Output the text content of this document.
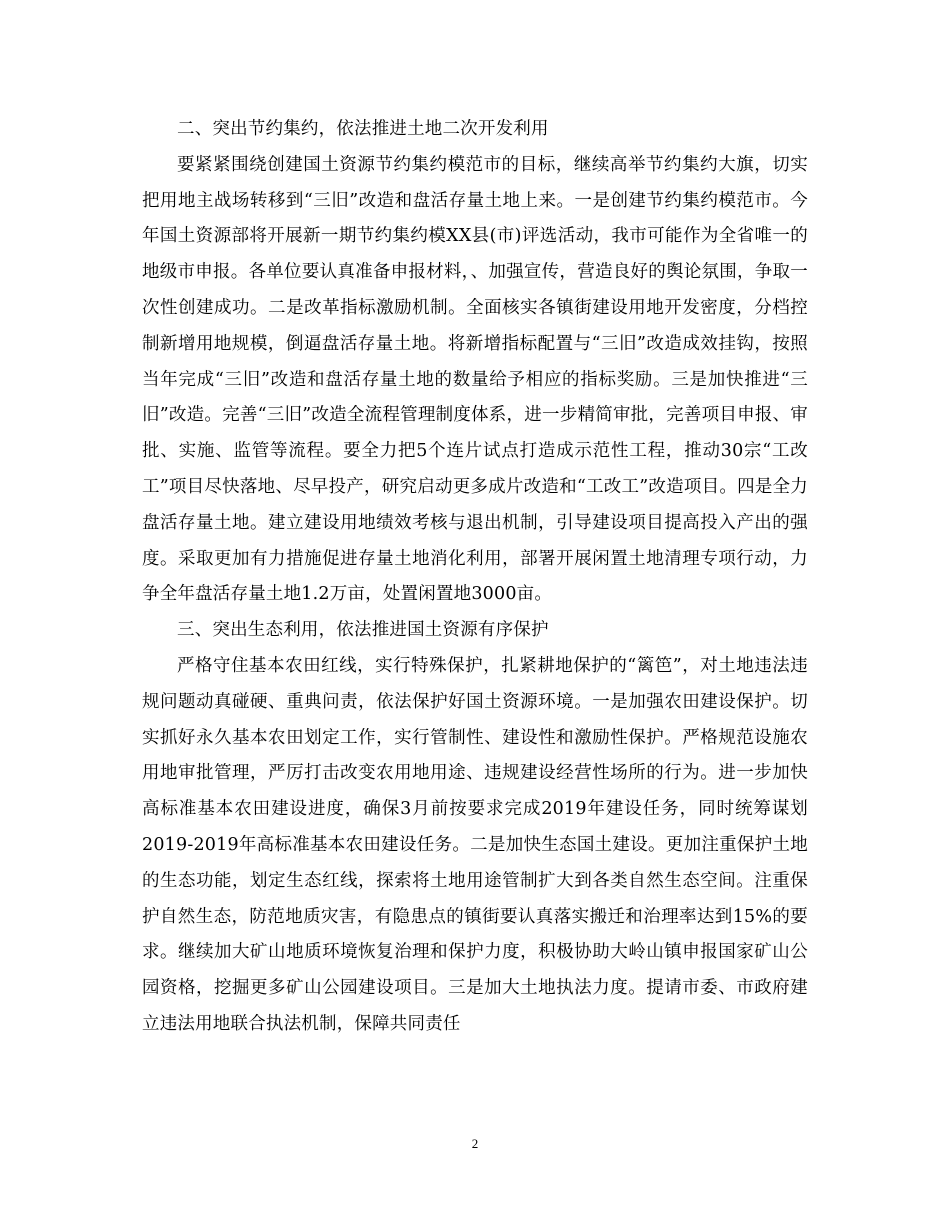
二、突出节约集约，依法推进土地二次开发利用

要紧紧围绕创建国土资源节约集约模范市的目标，继续高举节约集约大旗，切实把用地主战场转移到“三旧”改造和盘活存量土地上来。一是创建节约集约模范市。今年国土资源部将开展新一期节约集约模XX县(市)评选活动，我市可能作为全省唯一的地级市申报。各单位要认真准备申报材料，、加强宣传，营造良好的舆论氛围，争取一次性创建成功。二是改革指标激励机制。全面核实各镇街建设用地开发密度，分档控制新增用地规模，倒逼盘活存量土地。将新增指标配置与“三旧”改造成效挂钩，按照当年完成“三旧”改造和盘活存量土地的数量给予相应的指标奖励。三是加快推进“三旧”改造。完善“三旧”改造全流程管理制度体系，进一步精简审批，完善项目申报、审批、实施、监管等流程。要全力把5个连片试点打造成示范性工程，推动30宗“工改工”项目尽快落地、尽早投产，研究启动更多成片改造和“工改工”改造项目。四是全力盘活存量土地。建立建设用地绩效考核与退出机制，引导建设项目提高投入产出的强度。采取更加有力措施促进存量土地消化利用，部署开展闲置土地清理专项行动，力争全年盘活存量土地1.2万亩，处置闲置地3000亩。

三、突出生态利用，依法推进国土资源有序保护

严格守住基本农田红线，实行特殊保护，扎紧耕地保护的“篱笆”，对土地违法违规问题动真碰硬、重典问责，依法保护好国土资源环境。一是加强农田建设保护。切实抓好永久基本农田划定工作，实行管制性、建设性和激励性保护。严格规范设施农用地审批管理，严厉打击改变农用地用途、违规建设经营性场所的行为。进一步加快高标准基本农田建设进度，确保3月前按要求完成2019年建设任务，同时统筹谋划2019-2019年高标准基本农田建设任务。二是加快生态国土建设。更加注重保护土地的生态功能，划定生态红线，探索将土地用途管制扩大到各类自然生态空间。注重保护自然生态，防范地质灾害，有隐患点的镇街要认真落实搬迁和治理率达到15%的要求。继续加大矿山地质环境恢复治理和保护力度，积极协助大岭山镇申报国家矿山公园资格，挖掘更多矿山公园建设项目。三是加大土地执法力度。提请市委、市政府建立违法用地联合执法机制，保障共同责任

2
